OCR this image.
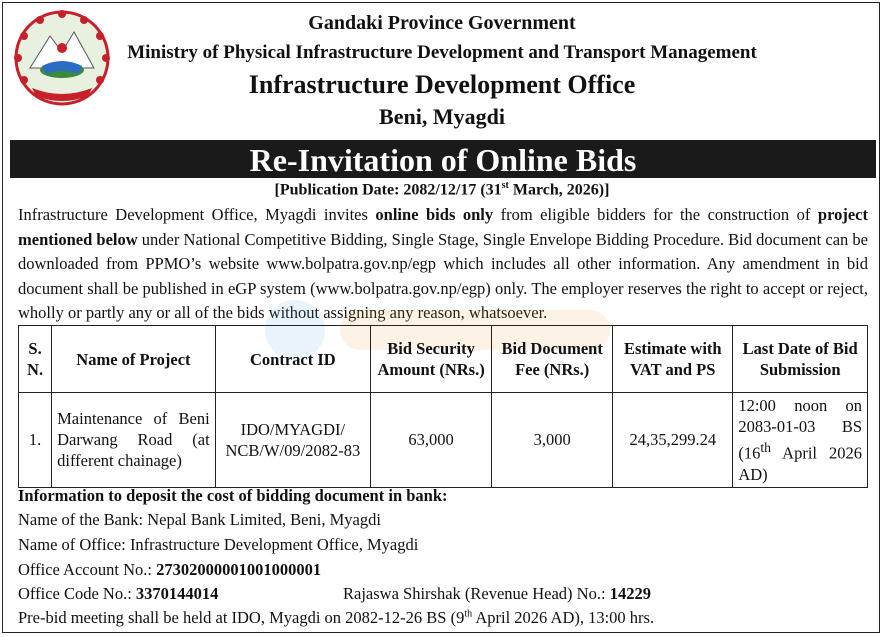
Gandaki Province Government
Ministry of Physical Infrastructure Development and Transport Management
Infrastructure Development Office
Beni, Myagdi
Re-Invitation of Online Bids
[Publication Date: 2082/12/17 (31st March, 2026)]
Infrastructure Development Office, Myagdi invites online bids only from eligible bidders for the construction of project mentioned below under National Competitive Bidding, Single Stage, Single Envelope Bidding Procedure. Bid document can be downloaded from PPMO’s website www.bolpatra.gov.np/egp which includes all other information. Any amendment in bid document shall be published in eGP system (www.bolpatra.gov.np/egp) only. The employer reserves the right to accept or reject, wholly or partly any or all of the bids without assigning any reason, whatsoever.
S. N.	Name of Project	Contract ID	Bid Security Amount (NRs.)	Bid Document Fee (NRs.)	Estimate with VAT and PS	Last Date of Bid Submission
1.	Maintenance of Beni Darwang Road (at different chainage)	IDO/MYAGDI/ NCB/W/09/2082-83	63,000	3,000	24,35,299.24	12:00 noon on 2083-01-03 BS (16th April 2026 AD)
Information to deposit the cost of bidding document in bank:
Name of the Bank: Nepal Bank Limited, Beni, Myagdi
Name of Office: Infrastructure Development Office, Myagdi
Office Account No.: 27302000001001000001
Office Code No.: 3370144014	Rajaswa Shirshak (Revenue Head) No.: 14229
Pre-bid meeting shall be held at IDO, Myagdi on 2082-12-26 BS (9th April 2026 AD), 13:00 hrs.
